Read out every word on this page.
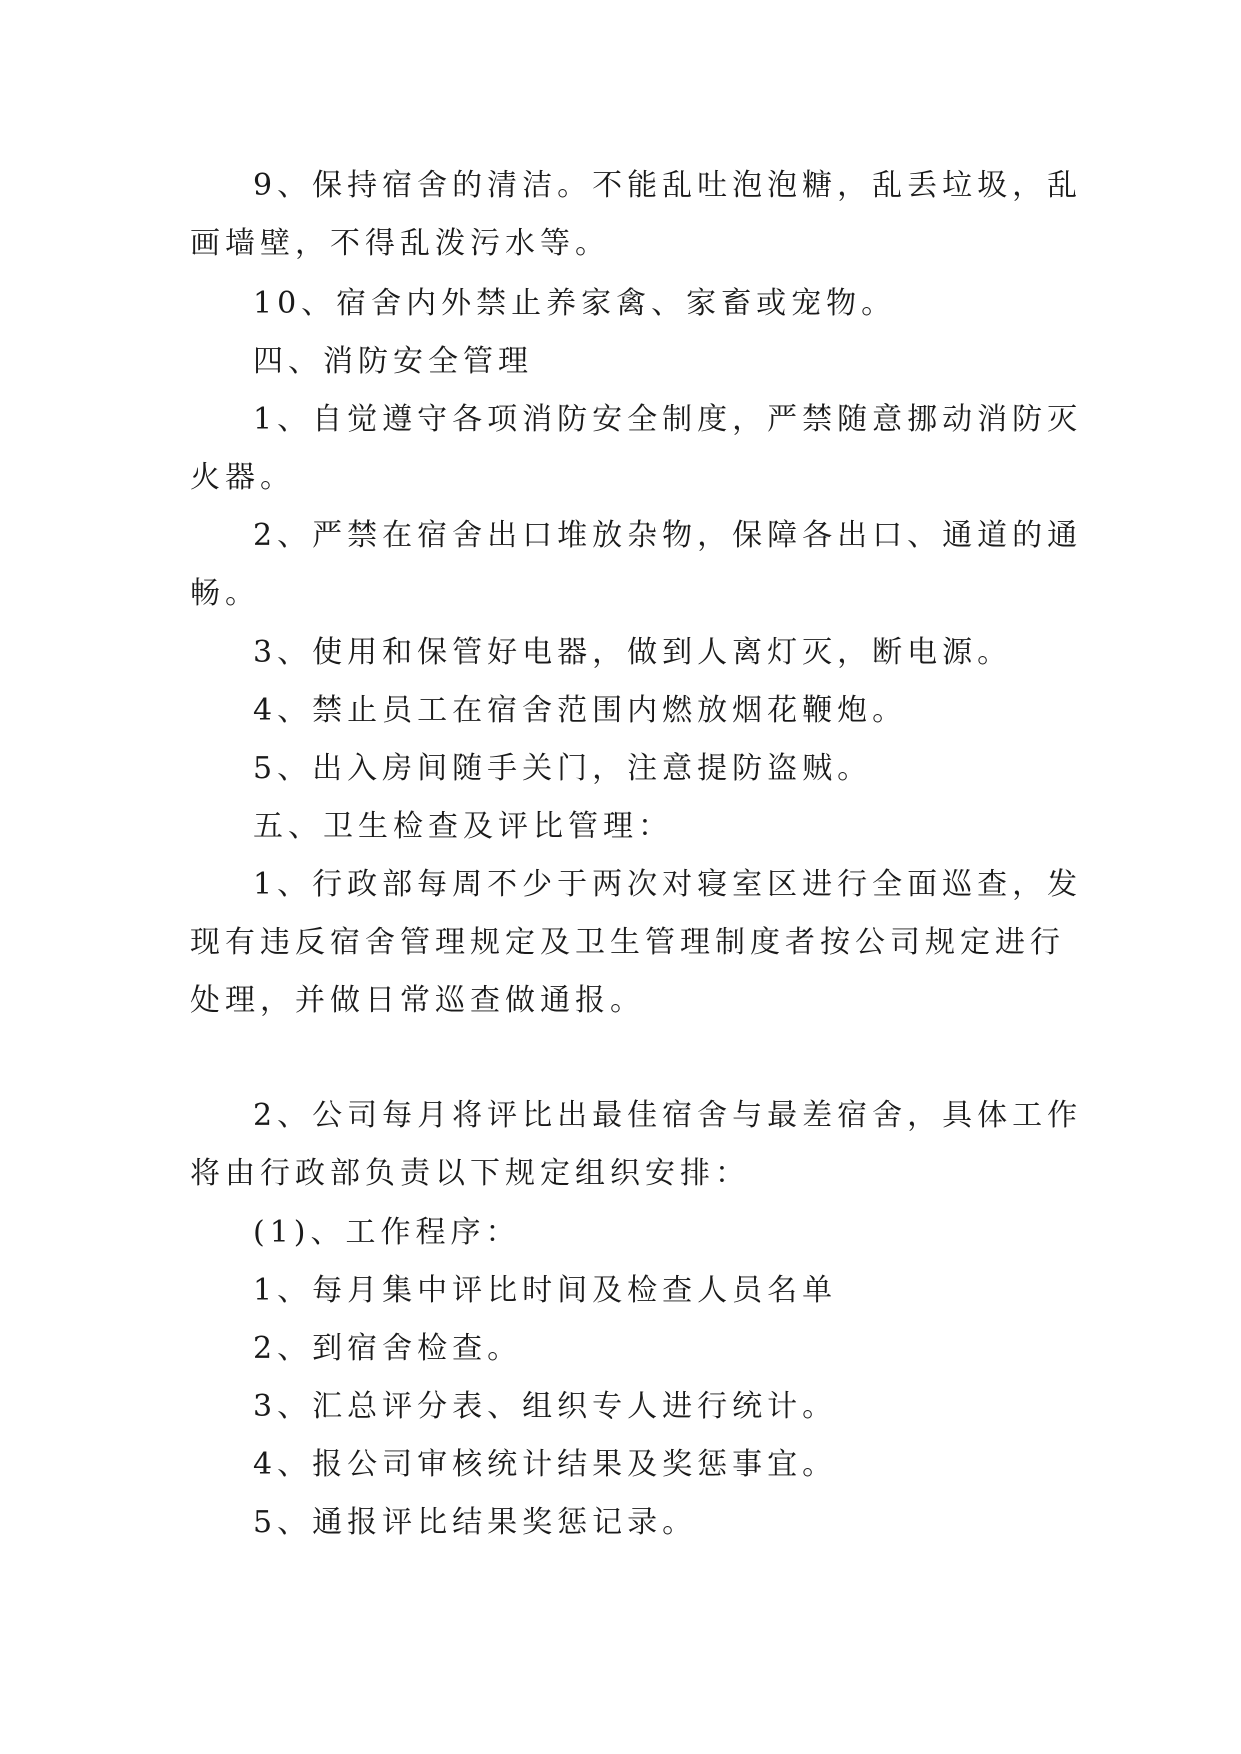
9、保持宿舍的清洁。不能乱吐泡泡糖，乱丢垃圾，乱

画墙壁，不得乱泼污水等。

10、宿舍内外禁止养家禽、家畜或宠物。

四、消防安全管理

1、自觉遵守各项消防安全制度，严禁随意挪动消防灭

火器。

2、严禁在宿舍出口堆放杂物，保障各出口、通道的通

畅。

3、使用和保管好电器，做到人离灯灭，断电源。

4、禁止员工在宿舍范围内燃放烟花鞭炮。

5、出入房间随手关门，注意提防盗贼。

五、卫生检查及评比管理：

1、行政部每周不少于两次对寝室区进行全面巡查，发

现有违反宿舍管理规定及卫生管理制度者按公司规定进行

处理，并做日常巡查做通报。

2、公司每月将评比出最佳宿舍与最差宿舍，具体工作

将由行政部负责以下规定组织安排：

(1)、工作程序：

1、每月集中评比时间及检查人员名单

2、到宿舍检查。

3、汇总评分表、组织专人进行统计。

4、报公司审核统计结果及奖惩事宜。

5、通报评比结果奖惩记录。
